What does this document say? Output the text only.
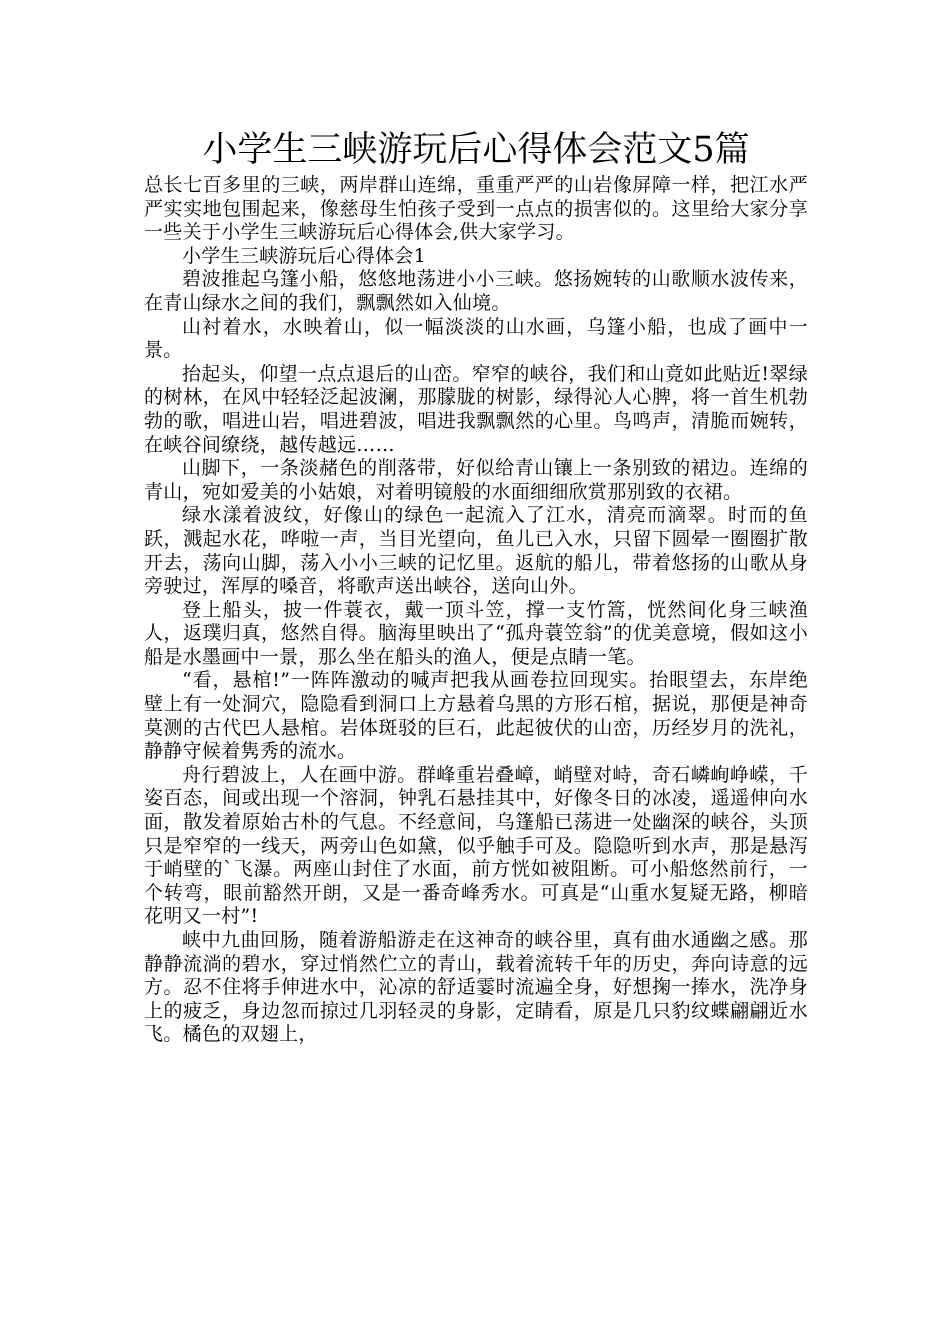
小学生三峡游玩后心得体会范文5篇

总长七百多里的三峡，两岸群山连绵，重重严严的山岩像屏障一样，把江水严严实实地包围起来，像慈母生怕孩子受到一点点的损害似的。这里给大家分享一些关于小学生三峡游玩后心得体会,供大家学习。

小学生三峡游玩后心得体会1

碧波推起乌篷小船，悠悠地荡进小小三峡。悠扬婉转的山歌顺水波传来，在青山绿水之间的我们，飘飘然如入仙境。

山衬着水，水映着山，似一幅淡淡的山水画，乌篷小船，也成了画中一景。

抬起头，仰望一点点退后的山峦。窄窄的峡谷，我们和山竟如此贴近!翠绿的树林，在风中轻轻泛起波澜，那朦胧的树影，绿得沁人心脾，将一首生机勃勃的歌，唱进山岩，唱进碧波，唱进我飘飘然的心里。鸟鸣声，清脆而婉转，在峡谷间缭绕，越传越远……

山脚下，一条淡赭色的削落带，好似给青山镶上一条别致的裙边。连绵的青山，宛如爱美的小姑娘，对着明镜般的水面细细欣赏那别致的衣裙。

绿水漾着波纹，好像山的绿色一起流入了江水，清亮而滴翠。时而的鱼跃，溅起水花，哗啦一声，当目光望向，鱼儿已入水，只留下圆晕一圈圈扩散开去，荡向山脚，荡入小小三峡的记忆里。返航的船儿，带着悠扬的山歌从身旁驶过，浑厚的嗓音，将歌声送出峡谷，送向山外。

登上船头，披一件蓑衣，戴一顶斗笠，撑一支竹篙，恍然间化身三峡渔人，返璞归真，悠然自得。脑海里映出了“孤舟蓑笠翁”的优美意境，假如这小船是水墨画中一景，那么坐在船头的渔人，便是点睛一笔。

“看，悬棺!”一阵阵激动的喊声把我从画卷拉回现实。抬眼望去，东岸绝壁上有一处洞穴，隐隐看到洞口上方悬着乌黑的方形石棺，据说，那便是神奇莫测的古代巴人悬棺。岩体斑驳的巨石，此起彼伏的山峦，历经岁月的洗礼，静静守候着隽秀的流水。

舟行碧波上，人在画中游。群峰重岩叠嶂，峭壁对峙，奇石嶙峋峥嵘，千姿百态，间或出现一个溶洞，钟乳石悬挂其中，好像冬日的冰凌，遥遥伸向水面，散发着原始古朴的气息。不经意间，乌篷船已荡进一处幽深的峡谷，头顶只是窄窄的一线天，两旁山色如黛，似乎触手可及。隐隐听到水声，那是悬泻于峭壁的`飞瀑。两座山封住了水面，前方恍如被阻断。可小船悠然前行，一个转弯，眼前豁然开朗，又是一番奇峰秀水。可真是“山重水复疑无路，柳暗花明又一村”!

峡中九曲回肠，随着游船游走在这神奇的峡谷里，真有曲水通幽之感。那静静流淌的碧水，穿过悄然伫立的青山，载着流转千年的历史，奔向诗意的远方。忍不住将手伸进水中，沁凉的舒适霎时流遍全身，好想掬一捧水，洗净身上的疲乏，身边忽而掠过几羽轻灵的身影，定睛看，原是几只豹纹蝶翩翩近水飞。橘色的双翅上，
